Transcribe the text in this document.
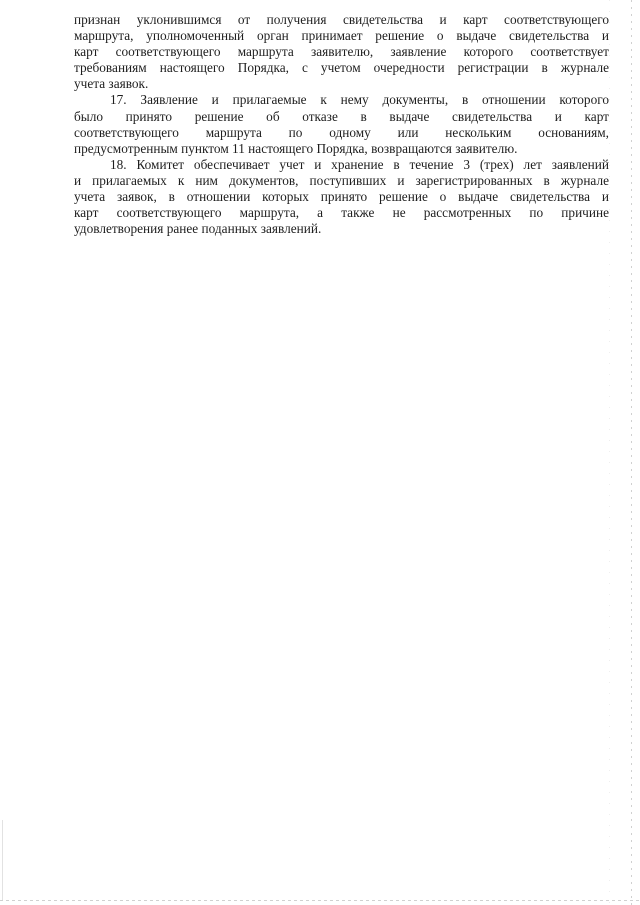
признан уклонившимся от получения свидетельства и карт соответствующего
маршрута, уполномоченный орган принимает решение о выдаче свидетельства и
карт соответствующего маршрута заявителю, заявление которого соответствует
требованиям настоящего Порядка, с учетом очередности регистрации в журнале
учета заявок.
17. Заявление и прилагаемые к нему документы, в отношении которого
было принято решение об отказе в выдаче свидетельства и карт
соответствующего маршрута по одному или нескольким основаниям,
предусмотренным пунктом 11 настоящего Порядка, возвращаются заявителю.
18. Комитет обеспечивает учет и хранение в течение 3 (трех) лет заявлений
и прилагаемых к ним документов, поступивших и зарегистрированных в журнале
учета заявок, в отношении которых принято решение о выдаче свидетельства и
карт соответствующего маршрута, а также не рассмотренных по причине
удовлетворения ранее поданных заявлений.
